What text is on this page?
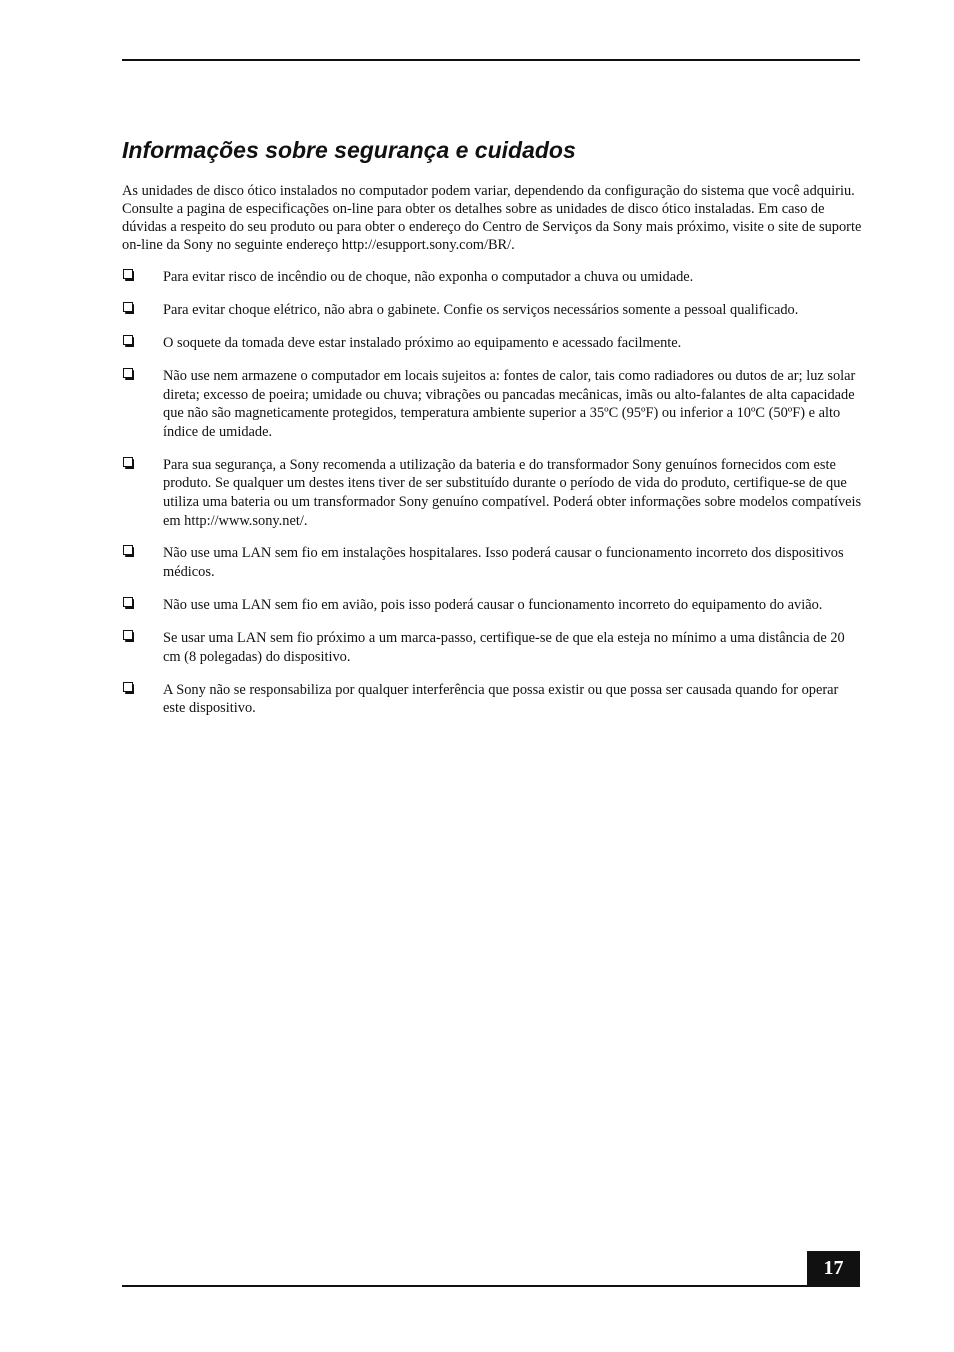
Informações sobre segurança e cuidados

As unidades de disco ótico instalados no computador podem variar, dependendo da configuração do sistema que você adquiriu. Consulte a pagina de especificações on-line para obter os detalhes sobre as unidades de disco ótico instaladas. Em caso de dúvidas a respeito do seu produto ou para obter o endereço do Centro de Serviços da Sony mais próximo, visite o site de suporte on-line da Sony no seguinte endereço http://esupport.sony.com/BR/.

Para evitar risco de incêndio ou de choque, não exponha o computador a chuva ou umidade.
Para evitar choque elétrico, não abra o gabinete. Confie os serviços necessários somente a pessoal qualificado.
O soquete da tomada deve estar instalado próximo ao equipamento e acessado facilmente.
Não use nem armazene o computador em locais sujeitos a: fontes de calor, tais como radiadores ou dutos de ar; luz solar direta; excesso de poeira; umidade ou chuva; vibrações ou pancadas mecânicas, imãs ou alto-falantes de alta capacidade que não são magneticamente protegidos, temperatura ambiente superior a 35ºC (95ºF) ou inferior a 10ºC (50ºF) e alto índice de umidade.
Para sua segurança, a Sony recomenda a utilização da bateria e do transformador Sony genuínos fornecidos com este produto. Se qualquer um destes itens tiver de ser substituído durante o período de vida do produto, certifique-se de que utiliza uma bateria ou um transformador Sony genuíno compatível. Poderá obter informações sobre modelos compatíveis em http://www.sony.net/.
Não use uma LAN sem fio em instalações hospitalares. Isso poderá causar o funcionamento incorreto dos dispositivos médicos.
Não use uma LAN sem fio em avião, pois isso poderá causar o funcionamento incorreto do equipamento do avião.
Se usar uma LAN sem fio próximo a um marca-passo, certifique-se de que ela esteja no mínimo a uma distância de 20 cm (8 polegadas) do dispositivo.
A Sony não se responsabiliza por qualquer interferência que possa existir ou que possa ser causada quando for operar este dispositivo.
17
